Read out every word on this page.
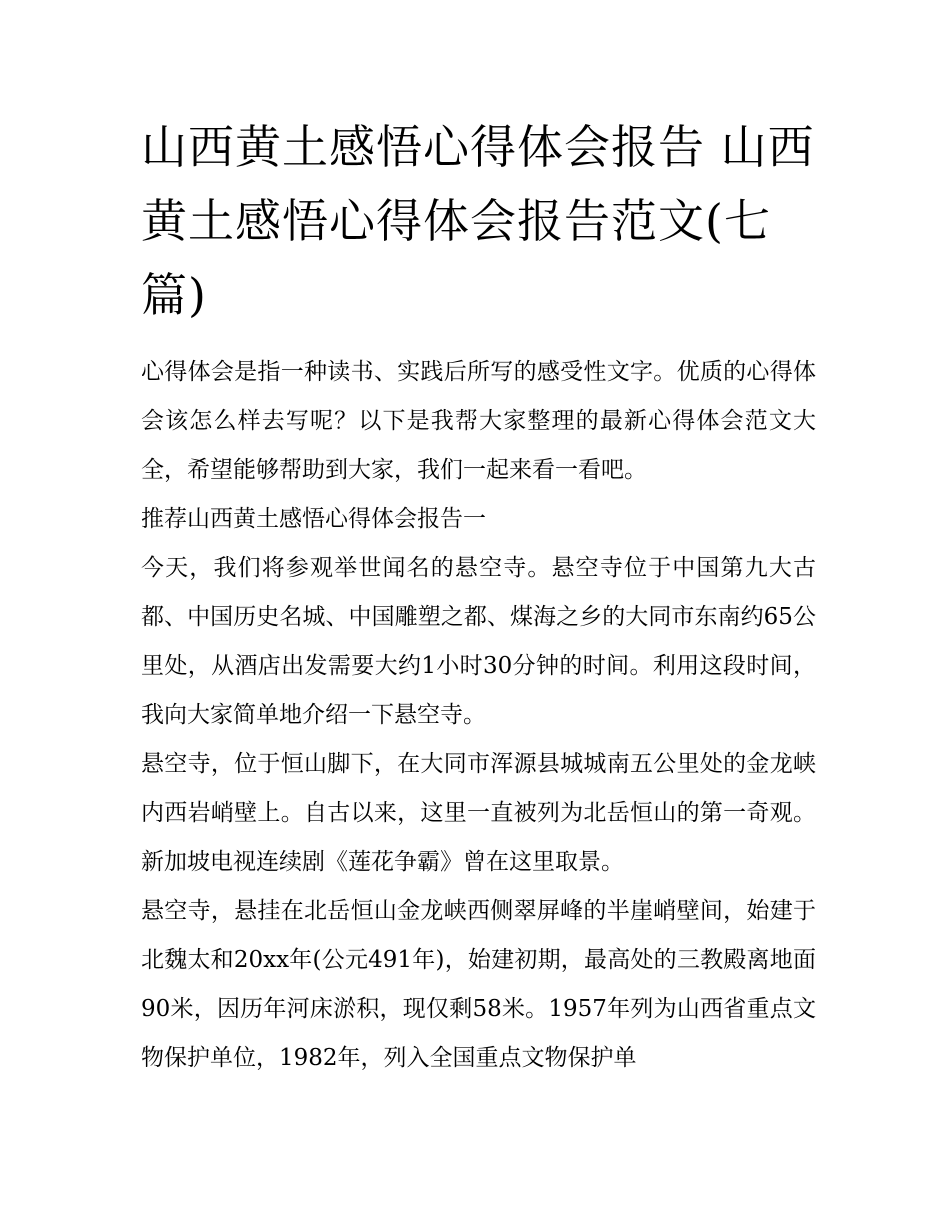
山西黄土感悟心得体会报告 山西黄土感悟心得体会报告范文(七篇)

心得体会是指一种读书、实践后所写的感受性文字。优质的心得体会该怎么样去写呢？以下是我帮大家整理的最新心得体会范文大全，希望能够帮助到大家，我们一起来看一看吧。

推荐山西黄土感悟心得体会报告一

今天，我们将参观举世闻名的悬空寺。悬空寺位于中国第九大古都、中国历史名城、中国雕塑之都、煤海之乡的大同市东南约65公里处，从酒店出发需要大约1小时30分钟的时间。利用这段时间，我向大家简单地介绍一下悬空寺。

悬空寺，位于恒山脚下，在大同市浑源县城城南五公里处的金龙峡内西岩峭壁上。自古以来，这里一直被列为北岳恒山的第一奇观。新加坡电视连续剧《莲花争霸》曾在这里取景。

悬空寺，悬挂在北岳恒山金龙峡西侧翠屏峰的半崖峭壁间，始建于北魏太和20xx年(公元491年)，始建初期，最高处的三教殿离地面90米，因历年河床淤积，现仅剩58米。1957年列为山西省重点文物保护单位，1982年，列入全国重点文物保护单
